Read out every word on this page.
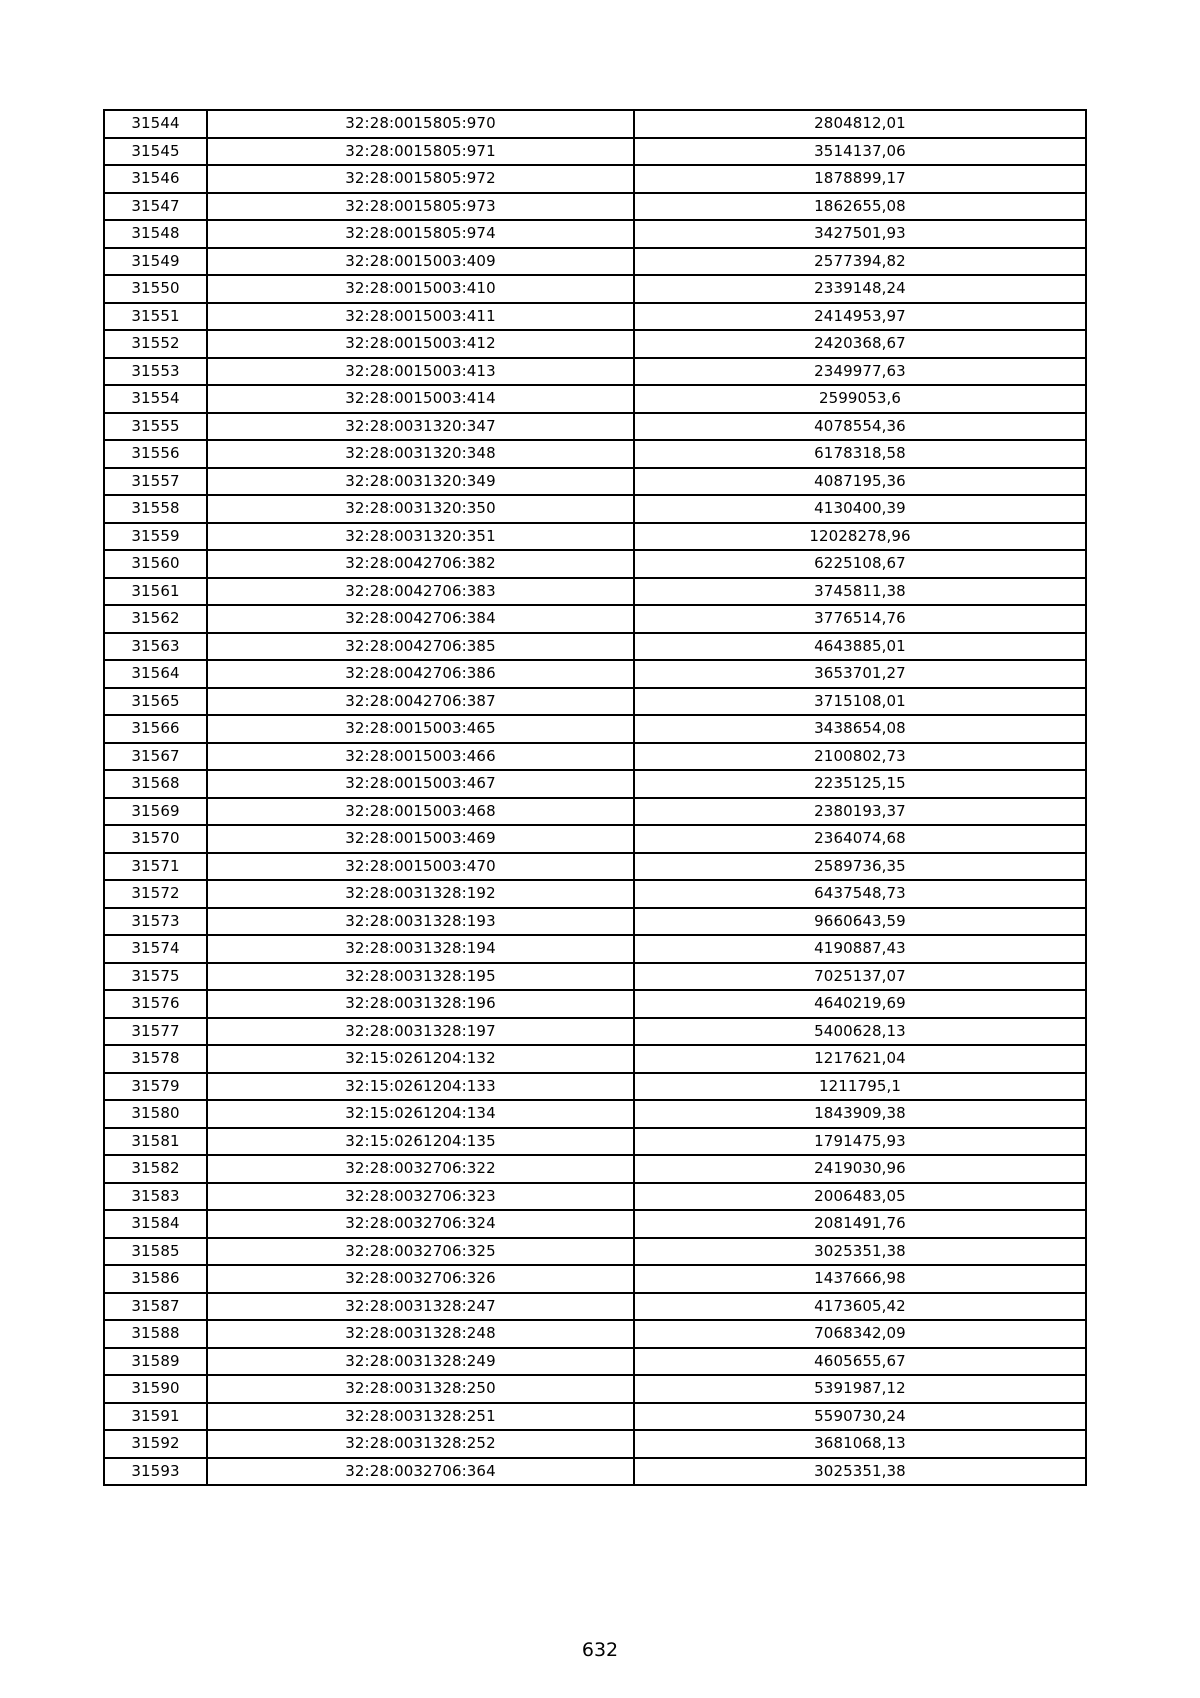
31544	32:28:0015805:970	2804812,01
31545	32:28:0015805:971	3514137,06
31546	32:28:0015805:972	1878899,17
31547	32:28:0015805:973	1862655,08
31548	32:28:0015805:974	3427501,93
31549	32:28:0015003:409	2577394,82
31550	32:28:0015003:410	2339148,24
31551	32:28:0015003:411	2414953,97
31552	32:28:0015003:412	2420368,67
31553	32:28:0015003:413	2349977,63
31554	32:28:0015003:414	2599053,6
31555	32:28:0031320:347	4078554,36
31556	32:28:0031320:348	6178318,58
31557	32:28:0031320:349	4087195,36
31558	32:28:0031320:350	4130400,39
31559	32:28:0031320:351	12028278,96
31560	32:28:0042706:382	6225108,67
31561	32:28:0042706:383	3745811,38
31562	32:28:0042706:384	3776514,76
31563	32:28:0042706:385	4643885,01
31564	32:28:0042706:386	3653701,27
31565	32:28:0042706:387	3715108,01
31566	32:28:0015003:465	3438654,08
31567	32:28:0015003:466	2100802,73
31568	32:28:0015003:467	2235125,15
31569	32:28:0015003:468	2380193,37
31570	32:28:0015003:469	2364074,68
31571	32:28:0015003:470	2589736,35
31572	32:28:0031328:192	6437548,73
31573	32:28:0031328:193	9660643,59
31574	32:28:0031328:194	4190887,43
31575	32:28:0031328:195	7025137,07
31576	32:28:0031328:196	4640219,69
31577	32:28:0031328:197	5400628,13
31578	32:15:0261204:132	1217621,04
31579	32:15:0261204:133	1211795,1
31580	32:15:0261204:134	1843909,38
31581	32:15:0261204:135	1791475,93
31582	32:28:0032706:322	2419030,96
31583	32:28:0032706:323	2006483,05
31584	32:28:0032706:324	2081491,76
31585	32:28:0032706:325	3025351,38
31586	32:28:0032706:326	1437666,98
31587	32:28:0031328:247	4173605,42
31588	32:28:0031328:248	7068342,09
31589	32:28:0031328:249	4605655,67
31590	32:28:0031328:250	5391987,12
31591	32:28:0031328:251	5590730,24
31592	32:28:0031328:252	3681068,13
31593	32:28:0032706:364	3025351,38
632
